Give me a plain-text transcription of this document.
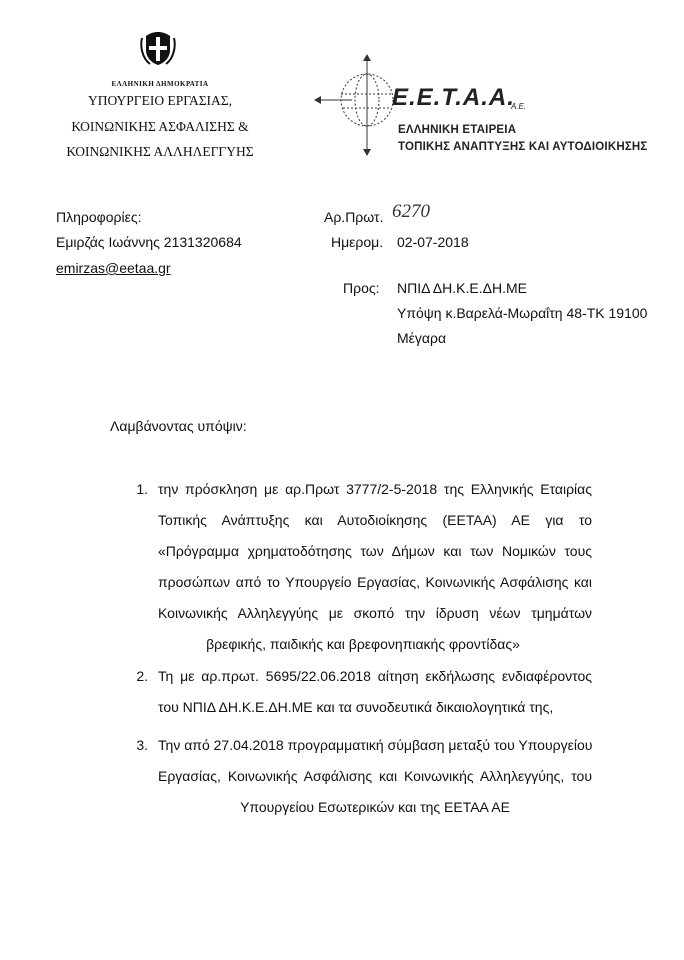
ΕΛΛΗΝΙΚΗ ΔΗΜΟΚΡΑΤΙΑ
ΥΠΟΥΡΓΕΙΟ ΕΡΓΑΣΙΑΣ,
ΚΟΙΝΩΝΙΚΗΣ ΑΣΦΑΛΙΣΗΣ &
ΚΟΙΝΩΝΙΚΗΣ ΑΛΛΗΛΕΓΓΥΗΣ
Ε.Ε.Τ.Α.Α.
Α.Ε.
ΕΛΛΗΝΙΚΗ ΕΤΑΙΡΕΙΑ
ΤΟΠΙΚΗΣ ΑΝΑΠΤΥΞΗΣ ΚΑΙ ΑΥΤΟΔΙΟΙΚΗΣΗΣ
Πληροφορίες:
Εμιρζάς Ιωάννης 2131320684
emirzas@eetaa.gr
Αρ.Πρωτ. 6270
Ημερομ. 02-07-2018
Προς: ΝΠΙΔ ΔΗ.Κ.Ε.ΔΗ.ΜΕ
Υπόψη κ.Βαρελά-Μωραΐτη 48-ΤΚ 19100
Μέγαρα
Λαμβάνοντας υπόψιν:
1. την πρόσκληση με αρ.Πρωτ 3777/2-5-2018 της Ελληνικής Εταιρίας
Τοπικής Ανάπτυξης και Αυτοδιοίκησης (ΕΕΤΑΑ) ΑΕ για το
«Πρόγραμμα χρηματοδότησης των Δήμων και των Νομικών τους
προσώπων από το Υπουργείο Εργασίας, Κοινωνικής Ασφάλισης και
Κοινωνικής Αλληλεγγύης με σκοπό την ίδρυση νέων τμημάτων
βρεφικής, παιδικής και βρεφονηπιακής φροντίδας»
2. Τη με αρ.πρωτ. 5695/22.06.2018 αίτηση εκδήλωσης ενδιαφέροντος
του ΝΠΙΔ ΔΗ.Κ.Ε.ΔΗ.ΜΕ και τα συνοδευτικά δικαιολογητικά της,
3. Την από 27.04.2018 προγραμματική σύμβαση μεταξύ του Υπουργείου
Εργασίας, Κοινωνικής Ασφάλισης και Κοινωνικής Αλληλεγγύης, του
Υπουργείου Εσωτερικών και της ΕΕΤΑΑ ΑΕ
